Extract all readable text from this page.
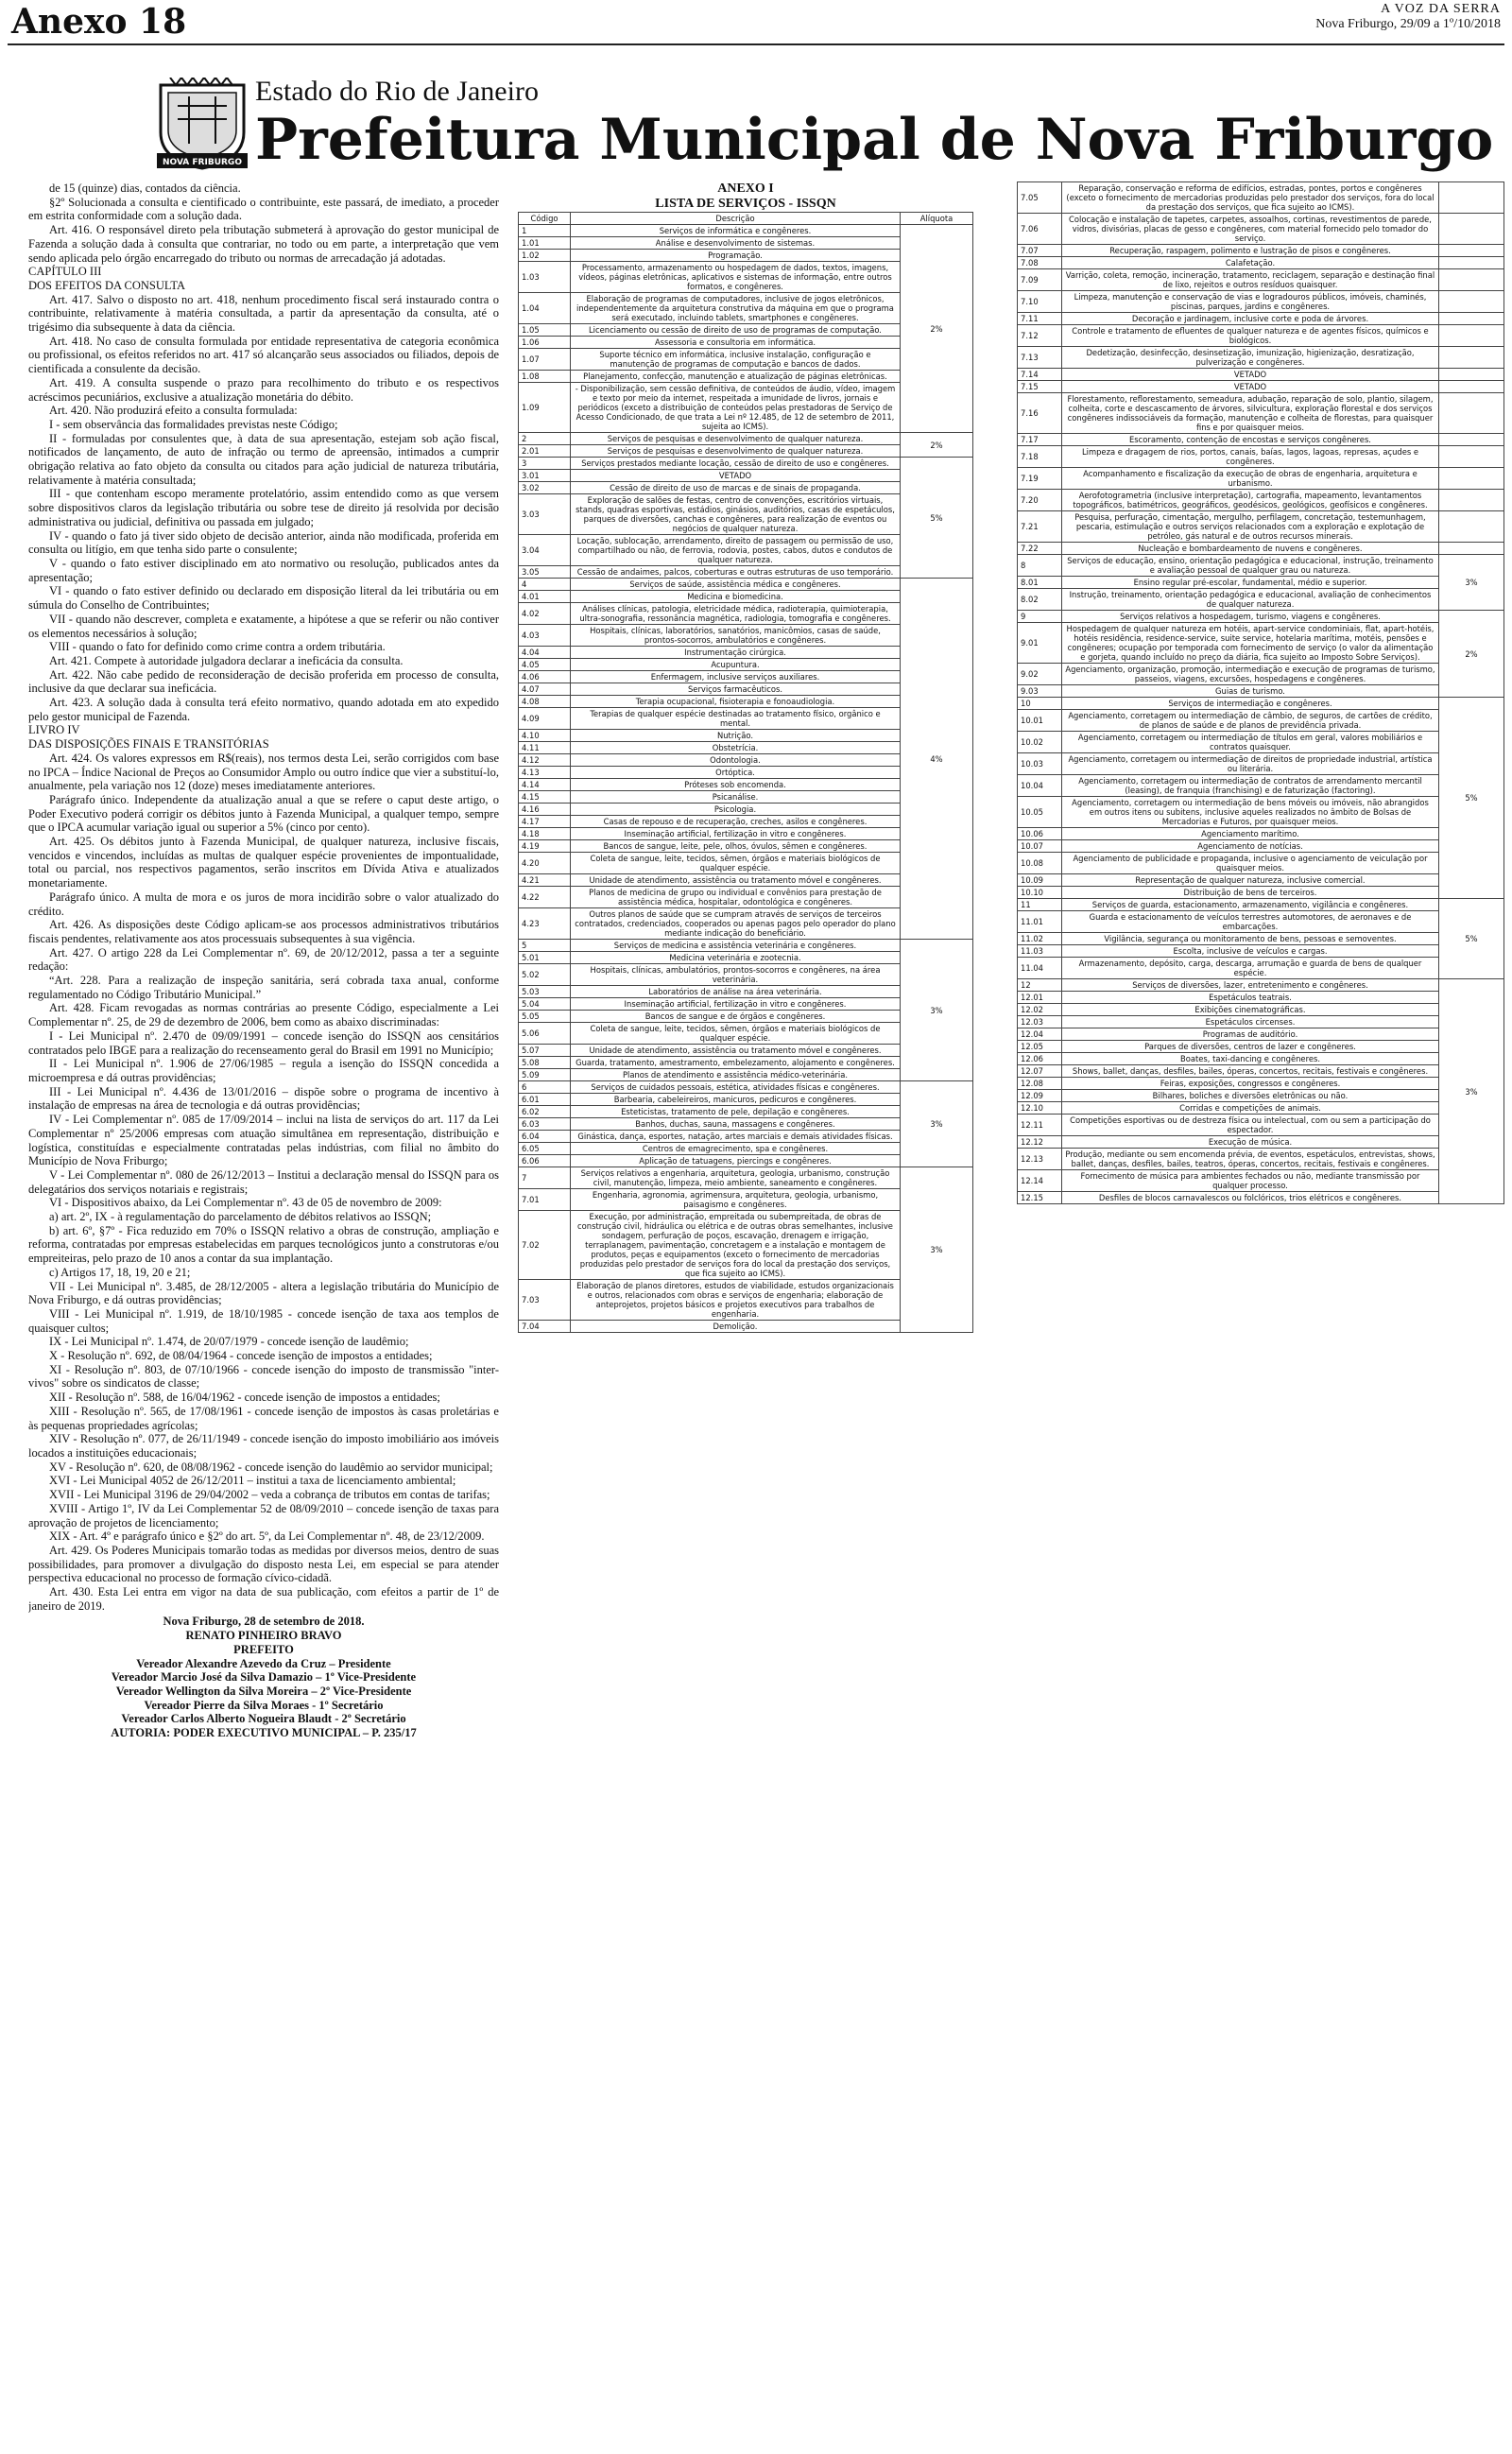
Anexo 18	A VOZ DA SERRA
Nova Friburgo, 29/09 a 1º/10/2018
NOVA FRIBURGO
Estado do Rio de Janeiro
Prefeitura Municipal de Nova Friburgo

de 15 (quinze) dias, contados da ciência.

§2º Solucionada a consulta e cientificado o contribuinte, este passará, de imediato, a proceder em estrita conformidade com a solução dada.

Art. 416. O responsável direto pela tributação submeterá à aprovação do gestor municipal de Fazenda a solução dada à consulta que contrariar, no todo ou em parte, a interpretação que vem sendo aplicada pelo órgão encarregado do tributo ou normas de arrecadação já adotadas.

CAPÍTULO III

DOS EFEITOS DA CONSULTA

Art. 417. Salvo o disposto no art. 418, nenhum procedimento fiscal será instaurado contra o contribuinte, relativamente à matéria consultada, a partir da apresentação da consulta, até o trigésimo dia subsequente à data da ciência.

Art. 418. No caso de consulta formulada por entidade representativa de categoria econômica ou profissional, os efeitos referidos no art. 417 só alcançarão seus associados ou filiados, depois de cientificada a consulente da decisão.

Art. 419. A consulta suspende o prazo para recolhimento do tributo e os respectivos acréscimos pecuniários, exclusive a atualização monetária do débito.

Art. 420. Não produzirá efeito a consulta formulada:

I - sem observância das formalidades previstas neste Código;

II - formuladas por consulentes que, à data de sua apresentação, estejam sob ação fiscal, notificados de lançamento, de auto de infração ou termo de apreensão, intimados a cumprir obrigação relativa ao fato objeto da consulta ou citados para ação judicial de natureza tributária, relativamente à matéria consultada;

III - que contenham escopo meramente protelatório, assim entendido como as que versem sobre dispositivos claros da legislação tributária ou sobre tese de direito já resolvida por decisão administrativa ou judicial, definitiva ou passada em julgado;

IV - quando o fato já tiver sido objeto de decisão anterior, ainda não modificada, proferida em consulta ou litígio, em que tenha sido parte o consulente;

V - quando o fato estiver disciplinado em ato normativo ou resolução, publicados antes da apresentação;

VI - quando o fato estiver definido ou declarado em disposição literal da lei tributária ou em súmula do Conselho de Contribuintes;

VII - quando não descrever, completa e exatamente, a hipótese a que se referir ou não contiver os elementos necessários à solução;

VIII - quando o fato for definido como crime contra a ordem tributária.

Art. 421. Compete à autoridade julgadora declarar a ineficácia da consulta.

Art. 422. Não cabe pedido de reconsideração de decisão proferida em processo de consulta, inclusive da que declarar sua ineficácia.

Art. 423. A solução dada à consulta terá efeito normativo, quando adotada em ato expedido pelo gestor municipal de Fazenda.

LIVRO IV

DAS DISPOSIÇÕES FINAIS E TRANSITÓRIAS

Art. 424. Os valores expressos em R$(reais), nos termos desta Lei, serão corrigidos com base no IPCA – Índice Nacional de Preços ao Consumidor Amplo ou outro índice que vier a substituí-lo, anualmente, pela variação nos 12 (doze) meses imediatamente anteriores.

Parágrafo único. Independente da atualização anual a que se refere o caput deste artigo, o Poder Executivo poderá corrigir os débitos junto à Fazenda Municipal, a qualquer tempo, sempre que o IPCA acumular variação igual ou superior a 5% (cinco por cento).

Art. 425. Os débitos junto à Fazenda Municipal, de qualquer natureza, inclusive fiscais, vencidos e vincendos, incluídas as multas de qualquer espécie provenientes de impontualidade, total ou parcial, nos respectivos pagamentos, serão inscritos em Dívida Ativa e atualizados monetariamente.

Parágrafo único. A multa de mora e os juros de mora incidirão sobre o valor atualizado do crédito.

Art. 426. As disposições deste Código aplicam-se aos processos administrativos tributários fiscais pendentes, relativamente aos atos processuais subsequentes à sua vigência.

Art. 427. O artigo 228 da Lei Complementar nº. 69, de 20/12/2012, passa a ter a seguinte redação:

“Art. 228. Para a realização de inspeção sanitária, será cobrada taxa anual, conforme regulamentado no Código Tributário Municipal.”

Art. 428. Ficam revogadas as normas contrárias ao presente Código, especialmente a Lei Complementar nº. 25, de 29 de dezembro de 2006, bem como as abaixo discriminadas:

I - Lei Municipal nº. 2.470 de 09/09/1991 – concede isenção do ISSQN aos censitários contratados pelo IBGE para a realização do recenseamento geral do Brasil em 1991 no Município;

II - Lei Municipal nº. 1.906 de 27/06/1985 – regula a isenção do ISSQN concedida a microempresa e dá outras providências;

III - Lei Municipal nº. 4.436 de 13/01/2016 – dispõe sobre o programa de incentivo à instalação de empresas na área de tecnologia e dá outras providências;

IV - Lei Complementar nº. 085 de 17/09/2014 – inclui na lista de serviços do art. 117 da Lei Complementar nº 25/2006 empresas com atuação simultânea em representação, distribuição e logística, constituídas e especialmente contratadas pelas indústrias, com filial no âmbito do Município de Nova Friburgo;

V - Lei Complementar nº. 080 de 26/12/2013 – Institui a declaração mensal do ISSQN para os delegatários dos serviços notariais e registrais;

VI - Dispositivos abaixo, da Lei Complementar nº. 43 de 05 de novembro de 2009:

a) art. 2º, IX - à regulamentação do parcelamento de débitos relativos ao ISSQN;

b) art. 6º, §7º - Fica reduzido em 70% o ISSQN relativo a obras de construção, ampliação e reforma, contratadas por empresas estabelecidas em parques tecnológicos junto a construtoras e/ou empreiteiras, pelo prazo de 10 anos a contar da sua implantação.

c) Artigos 17, 18, 19, 20 e 21;

VII - Lei Municipal nº. 3.485, de 28/12/2005 - altera a legislação tributária do Município de Nova Friburgo, e dá outras providências;

VIII - Lei Municipal nº. 1.919, de 18/10/1985 - concede isenção de taxa aos templos de quaisquer cultos;

IX - Lei Municipal nº. 1.474, de 20/07/1979 - concede isenção de laudêmio;

X - Resolução nº. 692, de 08/04/1964 - concede isenção de impostos a entidades;

XI - Resolução nº. 803, de 07/10/1966 - concede isenção do imposto de transmissão "inter-vivos" sobre os sindicatos de classe;

XII - Resolução nº. 588, de 16/04/1962 - concede isenção de impostos a entidades;

XIII - Resolução nº. 565, de 17/08/1961 - concede isenção de impostos às casas proletárias e às pequenas propriedades agrícolas;

XIV - Resolução nº. 077, de 26/11/1949 - concede isenção do imposto imobiliário aos imóveis locados a instituições educacionais;

XV - Resolução nº. 620, de 08/08/1962 - concede isenção do laudêmio ao servidor municipal;

XVI - Lei Municipal 4052 de 26/12/2011 – institui a taxa de licenciamento ambiental;

XVII - Lei Municipal 3196 de 29/04/2002 – veda a cobrança de tributos em contas de tarifas;

XVIII - Artigo 1º, IV da Lei Complementar 52 de 08/09/2010 – concede isenção de taxas para aprovação de projetos de licenciamento;

XIX - Art. 4º e parágrafo único e §2º do art. 5º, da Lei Complementar nº. 48, de 23/12/2009.

Art. 429. Os Poderes Municipais tomarão todas as medidas por diversos meios, dentro de suas possibilidades, para promover a divulgação do disposto nesta Lei, em especial se para atender perspectiva educacional no processo de formação cívico-cidadã.

Art. 430. Esta Lei entra em vigor na data de sua publicação, com efeitos a partir de 1º de janeiro de 2019.

Nova Friburgo, 28 de setembro de 2018.

RENATO PINHEIRO BRAVO

PREFEITO

Vereador Alexandre Azevedo da Cruz – Presidente

Vereador Marcio José da Silva Damazio – 1º Vice-Presidente

Vereador Wellington da Silva Moreira – 2º Vice-Presidente

Vereador Pierre da Silva Moraes - 1º Secretário

Vereador Carlos Alberto Nogueira Blaudt - 2º Secretário

AUTORIA: PODER EXECUTIVO MUNICIPAL – P. 235/17

ANEXO I
LISTA DE SERVIÇOS - ISSQN
Código	Descrição	Alíquota
1	Serviços de informática e congêneres.	2%
1.01	Análise e desenvolvimento de sistemas.	
1.02	Programação.	
1.03	Processamento, armazenamento ou hospedagem de dados, textos, imagens, vídeos, páginas eletrônicas, aplicativos e sistemas de informação, entre outros formatos, e congêneres.	
1.04	Elaboração de programas de computadores, inclusive de jogos eletrônicos, independentemente da arquitetura construtiva da máquina em que o programa será executado, incluindo tablets, smartphones e congêneres.	
1.05	Licenciamento ou cessão de direito de uso de programas de computação.	
1.06	Assessoria e consultoria em informática.	
1.07	Suporte técnico em informática, inclusive instalação, configuração e manutenção de programas de computação e bancos de dados.	
1.08	Planejamento, confecção, manutenção e atualização de páginas eletrônicas.	
1.09	- Disponibilização, sem cessão definitiva, de conteúdos de áudio, vídeo, imagem e texto por meio da internet, respeitada a imunidade de livros, jornais e periódicos (exceto a distribuição de conteúdos pelas prestadoras de Serviço de Acesso Condicionado, de que trata a Lei nº 12.485, de 12 de setembro de 2011, sujeita ao ICMS).	
2	Serviços de pesquisas e desenvolvimento de qualquer natureza.	2%
2.01	Serviços de pesquisas e desenvolvimento de qualquer natureza.	
3	Serviços prestados mediante locação, cessão de direito de uso e congêneres.	5%
3.01	VETADO	
3.02	Cessão de direito de uso de marcas e de sinais de propaganda.	
3.03	Exploração de salões de festas, centro de convenções, escritórios virtuais, stands, quadras esportivas, estádios, ginásios, auditórios, casas de espetáculos, parques de diversões, canchas e congêneres, para realização de eventos ou negócios de qualquer natureza.	
3.04	Locação, sublocação, arrendamento, direito de passagem ou permissão de uso, compartilhado ou não, de ferrovia, rodovia, postes, cabos, dutos e condutos de qualquer natureza.	
3.05	Cessão de andaimes, palcos, coberturas e outras estruturas de uso temporário.	
4	Serviços de saúde, assistência médica e congêneres.	4%
4.01	Medicina e biomedicina.	
4.02	Análises clínicas, patologia, eletricidade médica, radioterapia, quimioterapia, ultra-sonografia, ressonância magnética, radiologia, tomografia e congêneres.	
4.03	Hospitais, clínicas, laboratórios, sanatórios, manicômios, casas de saúde, prontos-socorros, ambulatórios e congêneres.	
4.04	Instrumentação cirúrgica.	
4.05	Acupuntura.	
4.06	Enfermagem, inclusive serviços auxiliares.	
4.07	Serviços farmacêuticos.	
4.08	Terapia ocupacional, fisioterapia e fonoaudiologia.	
4.09	Terapias de qualquer espécie destinadas ao tratamento físico, orgânico e mental.	
4.10	Nutrição.	
4.11	Obstetrícia.	
4.12	Odontologia.	
4.13	Ortóptica.	
4.14	Próteses sob encomenda.	
4.15	Psicanálise.	
4.16	Psicologia.	
4.17	Casas de repouso e de recuperação, creches, asilos e congêneres.	
4.18	Inseminação artificial, fertilização in vitro e congêneres.	
4.19	Bancos de sangue, leite, pele, olhos, óvulos, sêmen e congêneres.	
4.20	Coleta de sangue, leite, tecidos, sêmen, órgãos e materiais biológicos de qualquer espécie.	
4.21	Unidade de atendimento, assistência ou tratamento móvel e congêneres.	
4.22	Planos de medicina de grupo ou individual e convênios para prestação de assistência médica, hospitalar, odontológica e congêneres.	
4.23	Outros planos de saúde que se cumpram através de serviços de terceiros contratados, credenciados, cooperados ou apenas pagos pelo operador do plano mediante indicação do beneficiário.	
5	Serviços de medicina e assistência veterinária e congêneres.	3%
5.01	Medicina veterinária e zootecnia.	
5.02	Hospitais, clínicas, ambulatórios, prontos-socorros e congêneres, na área veterinária.	
5.03	Laboratórios de análise na área veterinária.	
5.04	Inseminação artificial, fertilização in vitro e congêneres.	
5.05	Bancos de sangue e de órgãos e congêneres.	
5.06	Coleta de sangue, leite, tecidos, sêmen, órgãos e materiais biológicos de qualquer espécie.	
5.07	Unidade de atendimento, assistência ou tratamento móvel e congêneres.	
5.08	Guarda, tratamento, amestramento, embelezamento, alojamento e congêneres.	
5.09	Planos de atendimento e assistência médico-veterinária.	
6	Serviços de cuidados pessoais, estética, atividades físicas e congêneres.	3%
6.01	Barbearia, cabeleireiros, manicuros, pedicuros e congêneres.	
6.02	Esteticistas, tratamento de pele, depilação e congêneres.	
6.03	Banhos, duchas, sauna, massagens e congêneres.	
6.04	Ginástica, dança, esportes, natação, artes marciais e demais atividades físicas.	
6.05	Centros de emagrecimento, spa e congêneres.	
6.06	Aplicação de tatuagens, piercings e congêneres.	
7	Serviços relativos a engenharia, arquitetura, geologia, urbanismo, construção civil, manutenção, limpeza, meio ambiente, saneamento e congêneres.	3%
7.01	Engenharia, agronomia, agrimensura, arquitetura, geologia, urbanismo, paisagismo e congêneres.	
7.02	Execução, por administração, empreitada ou subempreitada, de obras de construção civil, hidráulica ou elétrica e de outras obras semelhantes, inclusive sondagem, perfuração de poços, escavação, drenagem e irrigação, terraplanagem, pavimentação, concretagem e a instalação e montagem de produtos, peças e equipamentos (exceto o fornecimento de mercadorias produzidas pelo prestador de serviços fora do local da prestação dos serviços, que fica sujeito ao ICMS).	
7.03	Elaboração de planos diretores, estudos de viabilidade, estudos organizacionais e outros, relacionados com obras e serviços de engenharia; elaboração de anteprojetos, projetos básicos e projetos executivos para trabalhos de engenharia.	
7.04	Demolição.	
7.05	Reparação, conservação e reforma de edifícios, estradas, pontes, portos e congêneres (exceto o fornecimento de mercadorias produzidas pelo prestador dos serviços, fora do local da prestação dos serviços, que fica sujeito ao ICMS).	
7.06	Colocação e instalação de tapetes, carpetes, assoalhos, cortinas, revestimentos de parede, vidros, divisórias, placas de gesso e congêneres, com material fornecido pelo tomador do serviço.	
7.07	Recuperação, raspagem, polimento e lustração de pisos e congêneres.	
7.08	Calafetação.	
7.09	Varrição, coleta, remoção, incineração, tratamento, reciclagem, separação e destinação final de lixo, rejeitos e outros resíduos quaisquer.	
7.10	Limpeza, manutenção e conservação de vias e logradouros públicos, imóveis, chaminés, piscinas, parques, jardins e congêneres.	
7.11	Decoração e jardinagem, inclusive corte e poda de árvores.	
7.12	Controle e tratamento de efluentes de qualquer natureza e de agentes físicos, químicos e biológicos.	
7.13	Dedetização, desinfecção, desinsetização, imunização, higienização, desratização, pulverização e congêneres.	
7.14	VETADO	
7.15	VETADO	
7.16	Florestamento, reflorestamento, semeadura, adubação, reparação de solo, plantio, silagem, colheita, corte e descascamento de árvores, silvicultura, exploração florestal e dos serviços congêneres indissociáveis da formação, manutenção e colheita de florestas, para quaisquer fins e por quaisquer meios.	
7.17	Escoramento, contenção de encostas e serviços congêneres.	
7.18	Limpeza e dragagem de rios, portos, canais, baías, lagos, lagoas, represas, açudes e congêneres.	
7.19	Acompanhamento e fiscalização da execução de obras de engenharia, arquitetura e urbanismo.	
7.20	Aerofotogrametria (inclusive interpretação), cartografia, mapeamento, levantamentos topográficos, batimétricos, geográficos, geodésicos, geológicos, geofísicos e congêneres.	
7.21	Pesquisa, perfuração, cimentação, mergulho, perfilagem, concretação, testemunhagem, pescaria, estimulação e outros serviços relacionados com a exploração e explotação de petróleo, gás natural e de outros recursos minerais.	
7.22	Nucleação e bombardeamento de nuvens e congêneres.	
8	Serviços de educação, ensino, orientação pedagógica e educacional, instrução, treinamento e avaliação pessoal de qualquer grau ou natureza.	3%
8.01	Ensino regular pré-escolar, fundamental, médio e superior.	
8.02	Instrução, treinamento, orientação pedagógica e educacional, avaliação de conhecimentos de qualquer natureza.	
9	Serviços relativos a hospedagem, turismo, viagens e congêneres.	2%
9.01	Hospedagem de qualquer natureza em hotéis, apart-service condominiais, flat, apart-hotéis, hotéis residência, residence-service, suite service, hotelaria marítima, motéis, pensões e congêneres; ocupação por temporada com fornecimento de serviço (o valor da alimentação e gorjeta, quando incluído no preço da diária, fica sujeito ao Imposto Sobre Serviços).	
9.02	Agenciamento, organização, promoção, intermediação e execução de programas de turismo, passeios, viagens, excursões, hospedagens e congêneres.	
9.03	Guias de turismo.	
10	Serviços de intermediação e congêneres.	5%
10.01	Agenciamento, corretagem ou intermediação de câmbio, de seguros, de cartões de crédito, de planos de saúde e de planos de previdência privada.	
10.02	Agenciamento, corretagem ou intermediação de títulos em geral, valores mobiliários e contratos quaisquer.	
10.03	Agenciamento, corretagem ou intermediação de direitos de propriedade industrial, artística ou literária.	
10.04	Agenciamento, corretagem ou intermediação de contratos de arrendamento mercantil (leasing), de franquia (franchising) e de faturização (factoring).	
10.05	Agenciamento, corretagem ou intermediação de bens móveis ou imóveis, não abrangidos em outros itens ou subitens, inclusive aqueles realizados no âmbito de Bolsas de Mercadorias e Futuros, por quaisquer meios.	
10.06	Agenciamento marítimo.	
10.07	Agenciamento de notícias.	
10.08	Agenciamento de publicidade e propaganda, inclusive o agenciamento de veiculação por quaisquer meios.	
10.09	Representação de qualquer natureza, inclusive comercial.	
10.10	Distribuição de bens de terceiros.	
11	Serviços de guarda, estacionamento, armazenamento, vigilância e congêneres.	5%
11.01	Guarda e estacionamento de veículos terrestres automotores, de aeronaves e de embarcações.	
11.02	Vigilância, segurança ou monitoramento de bens, pessoas e semoventes.	
11.03	Escolta, inclusive de veículos e cargas.	
11.04	Armazenamento, depósito, carga, descarga, arrumação e guarda de bens de qualquer espécie.	
12	Serviços de diversões, lazer, entretenimento e congêneres.	3%
12.01	Espetáculos teatrais.	
12.02	Exibições cinematográficas.	
12.03	Espetáculos circenses.	
12.04	Programas de auditório.	
12.05	Parques de diversões, centros de lazer e congêneres.	
12.06	Boates, taxi-dancing e congêneres.	
12.07	Shows, ballet, danças, desfiles, bailes, óperas, concertos, recitais, festivais e congêneres.	
12.08	Feiras, exposições, congressos e congêneres.	
12.09	Bilhares, boliches e diversões eletrônicas ou não.	
12.10	Corridas e competições de animais.	
12.11	Competições esportivas ou de destreza física ou intelectual, com ou sem a participação do espectador.	
12.12	Execução de música.	
12.13	Produção, mediante ou sem encomenda prévia, de eventos, espetáculos, entrevistas, shows, ballet, danças, desfiles, bailes, teatros, óperas, concertos, recitais, festivais e congêneres.	
12.14	Fornecimento de música para ambientes fechados ou não, mediante transmissão por qualquer processo.	
12.15	Desfiles de blocos carnavalescos ou folclóricos, trios elétricos e congêneres.	
